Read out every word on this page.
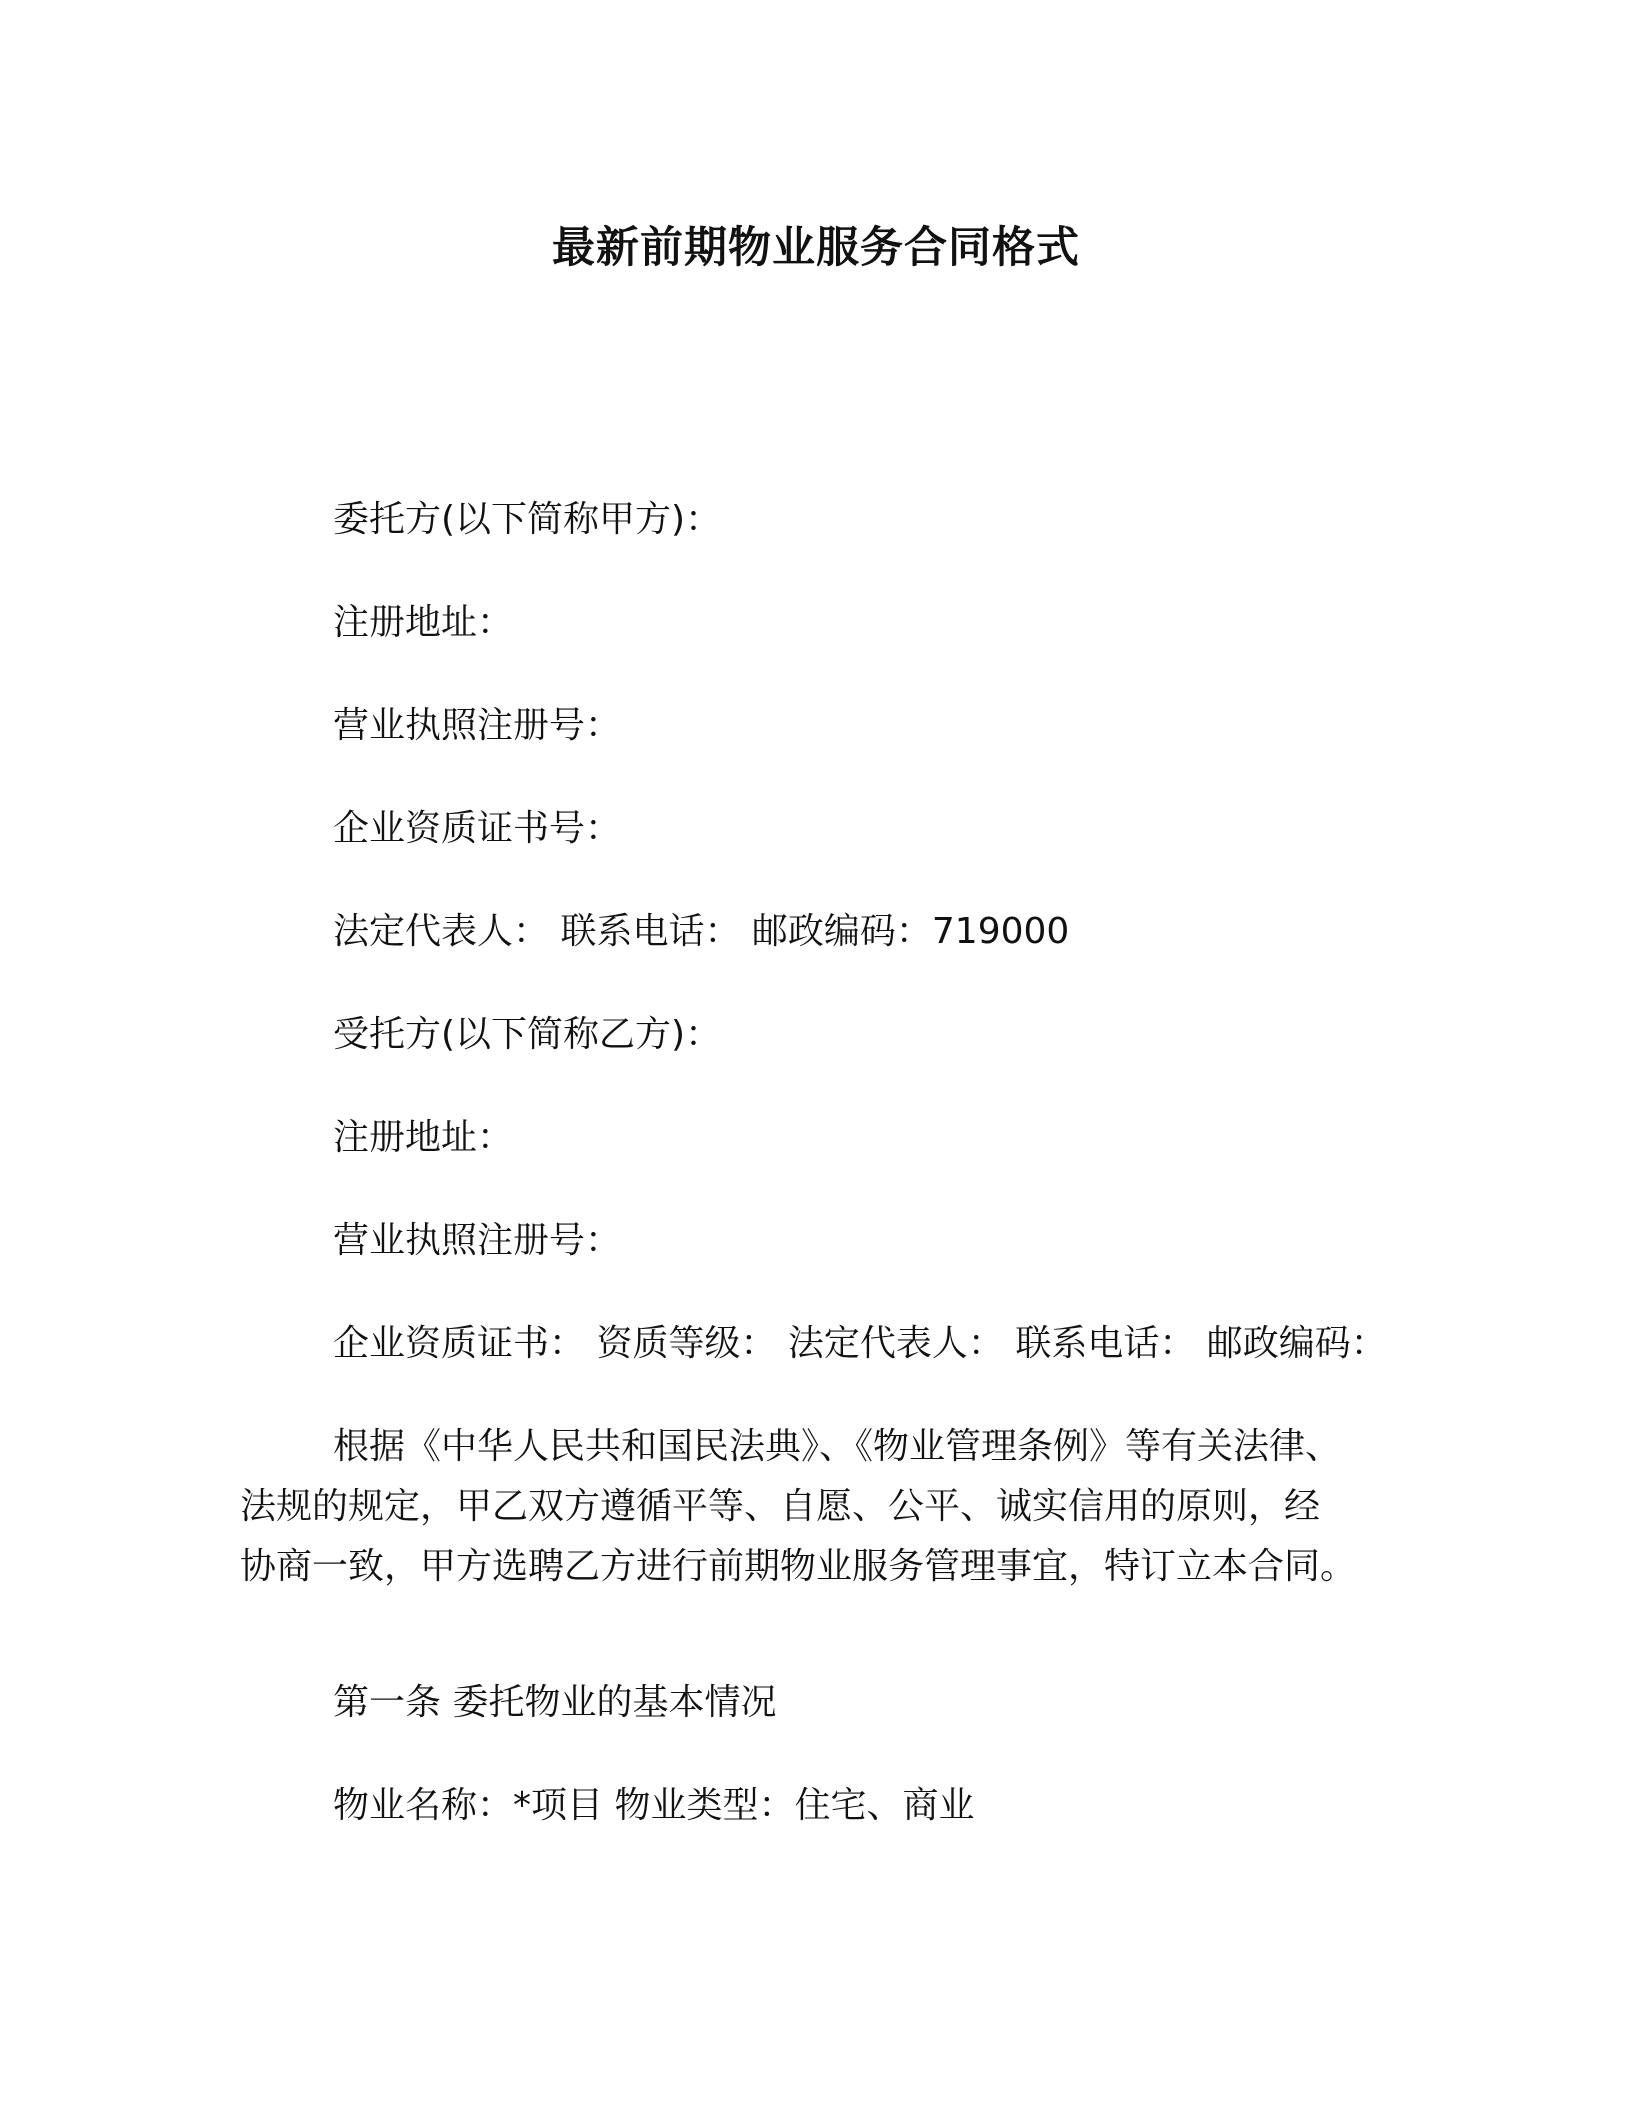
最新前期物业服务合同格式

委托方(以下简称甲方)：

注册地址：

营业执照注册号：

企业资质证书号：

法定代表人： 联系电话： 邮政编码：719000

受托方(以下简称乙方)：

注册地址：

营业执照注册号：

企业资质证书： 资质等级： 法定代表人： 联系电话： 邮政编码：

根据《中华人民共和国民法典》、《物业管理条例》等有关法律、
法规的规定，甲乙双方遵循平等、自愿、公平、诚实信用的原则，经
协商一致，甲方选聘乙方进行前期物业服务管理事宜，特订立本合同。

第一条 委托物业的基本情况

物业名称：*项目 物业类型：住宅、商业
